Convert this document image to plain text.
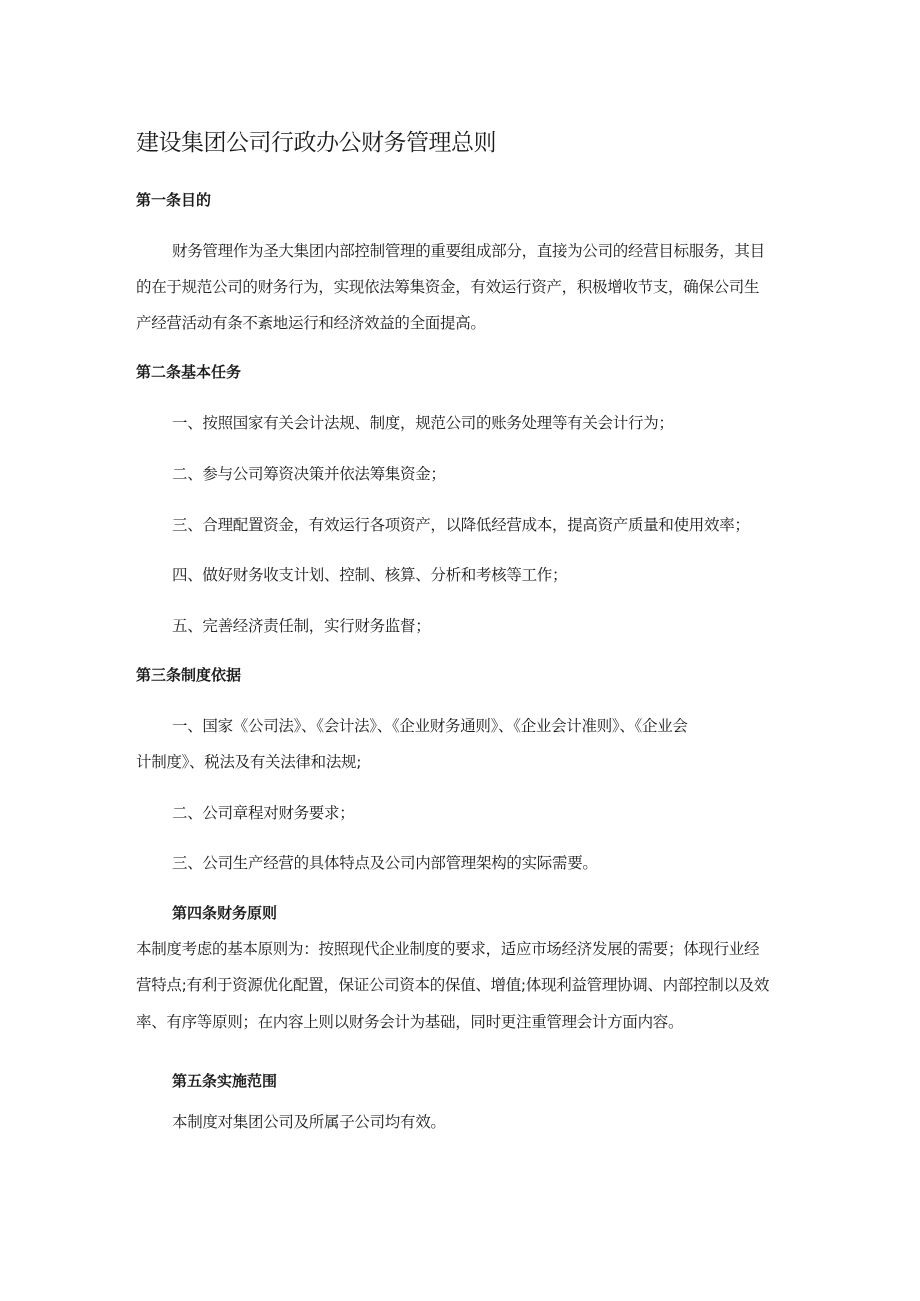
建设集团公司行政办公财务管理总则
第一条目的
财务管理作为圣大集团内部控制管理的重要组成部分，直接为公司的经营目标服务，其目
的在于规范公司的财务行为，实现依法筹集资金，有效运行资产，积极增收节支，确保公司生
产经营活动有条不紊地运行和经济效益的全面提高。
第二条基本任务
一、按照国家有关会计法规、制度，规范公司的账务处理等有关会计行为；
二、参与公司筹资决策并依法筹集资金；
三、合理配置资金，有效运行各项资产，以降低经营成本，提高资产质量和使用效率；
四、做好财务收支计划、控制、核算、分析和考核等工作；
五、完善经济责任制，实行财务监督；
第三条制度依据
一、国家《公司法》、《会计法》、《企业财务通则》、《企业会计准则》、《企业会
计制度》、税法及有关法律和法规;
二、公司章程对财务要求；
三、公司生产经营的具体特点及公司内部管理架构的实际需要。
第四条财务原则
本制度考虑的基本原则为：按照现代企业制度的要求，适应市场经济发展的需要；体现行业经
营特点;有利于资源优化配置，保证公司资本的保值、增值;体现利益管理协调、内部控制以及效
率、有序等原则；在内容上则以财务会计为基础，同时更注重管理会计方面内容。
第五条实施范围
本制度对集团公司及所属子公司均有效。
